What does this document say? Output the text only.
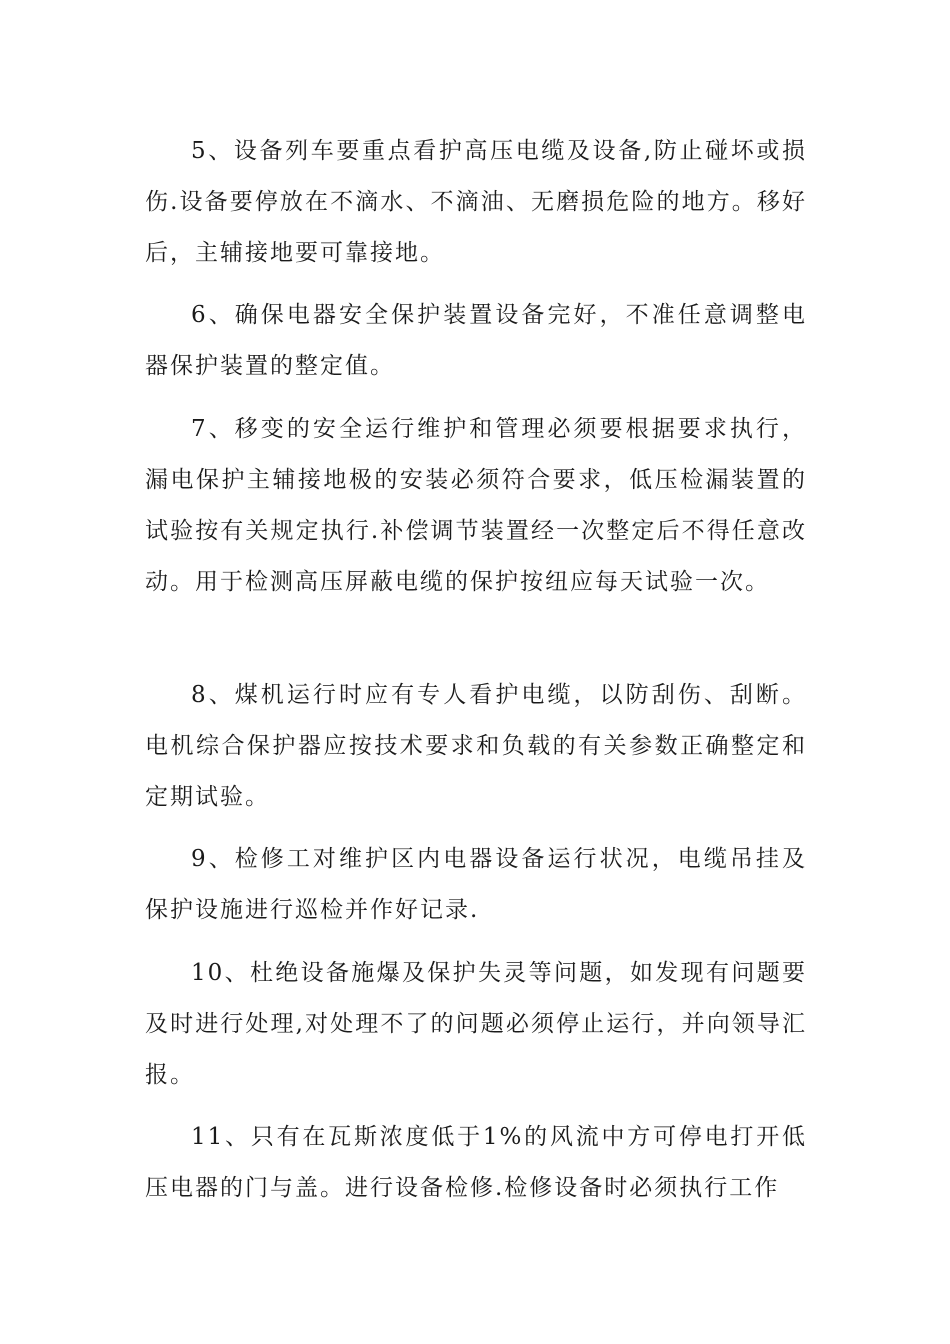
5、设备列车要重点看护高压电缆及设备,防止碰坏或损伤.设备要停放在不滴水、不滴油、无磨损危险的地方。移好后，主辅接地要可靠接地。

6、确保电器安全保护装置设备完好，不准任意调整电器保护装置的整定值。

7、移变的安全运行维护和管理必须要根据要求执行，漏电保护主辅接地极的安装必须符合要求，低压检漏装置的试验按有关规定执行.补偿调节装置经一次整定后不得任意改动。用于检测高压屏蔽电缆的保护按纽应每天试验一次。

8、煤机运行时应有专人看护电缆，以防刮伤、刮断。电机综合保护器应按技术要求和负载的有关参数正确整定和定期试验。

9、检修工对维护区内电器设备运行状况，电缆吊挂及保护设施进行巡检并作好记录.

10、杜绝设备施爆及保护失灵等问题，如发现有问题要及时进行处理,对处理不了的问题必须停止运行，并向领导汇报。

11、只有在瓦斯浓度低于1%的风流中方可停电打开低压电器的门与盖。进行设备检修.检修设备时必须执行工作
